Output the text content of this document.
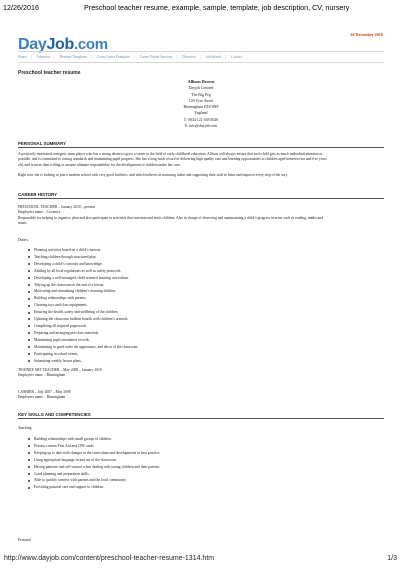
12/26/2016	Preschool teacher resume, example, sample, template, job description, CV, nursery
DayJob.com
26 December 2016
Home | Advertise | Resume Templates | Cover Letter Examples | Career Finder Services | Directory | Job Search | Contact
Preschool teacher resume
Allison Brown
Dayjob Limited
The Big Peg
120 Vyse Street
Birmingham B18 6NF
England
T: 0044 121 638 0026
E: info@dayjob.com
PERSONAL SUMMARY
A positively motivated, energetic team player who has a strong desire to grow a career in the field of early childhood education. Allison will always ensure that each child gets as much individual attention as
possible, and is committed to raising standards and maintaining pupil progress. She has a long track record of delivering high quality care and learning opportunities to children aged between two and five years
old, and is more than willing to assume ultimate responsibility for the development of children under her care.
Right now she is looking to join a modern school with very good facilities, and which believes in nurturing talent and supporting their staff to learn and improve every step of the way.
CAREER HISTORY
PRESCHOOL TEACHER – January 2010 – present
Employers name – Coventry
Responsible for helping to organise, plan and also participate in activities that entertain and teach children. Also in charge of observing and summarizing a child’s progress in areas such as reading, maths and
music.
Duties;
Planning activities based on a child’s interest.
Teaching children through structured play.
Developing a child’s curiosity and knowledge.
Abiding by all local regulations as well as safety protocols.
Developing a well-managed, child oriented learning curriculum.
Tidying up the classroom at the end of a lesson.
Motivating and stimulating children’s learning abilities.
Building relationships with parents.
Cleaning toys and class equipments.
Ensuring the health, safety and wellbeing of the children.
Updating the classroom bulletin boards with children’s artwork.
Completing all required paperwork.
Preparing and arranging pre-class materials.
Maintaining pupil attendance records.
Maintaining in good order the appearance, and décor of the classroom.
Participating in school events.
Submitting weekly lesson plans.
TRAINEE ART TEACHER – May 2008 – January 2010
Employers name – Birmingham
CASHIER – July 2007 – May 2008
Employers name – Birmingham
KEY SKILLS AND COMPETENCIES
Teaching
Building relationships with small groups of children.
Possess current First Aid and CPR cards.
Keeping up to date with changes in the curriculum and developments in best practice.
Using appropriate language in and out of the classroom.
Having patience and self-control when dealing with young children and their parents.
Good planning and preparation skills.
Able to quickly connect with parents and the local community.
Providing pastoral care and support to children.
Personal
http://www.dayjob.com/content/preschool-teacher-resume-1314.htm	1/3
